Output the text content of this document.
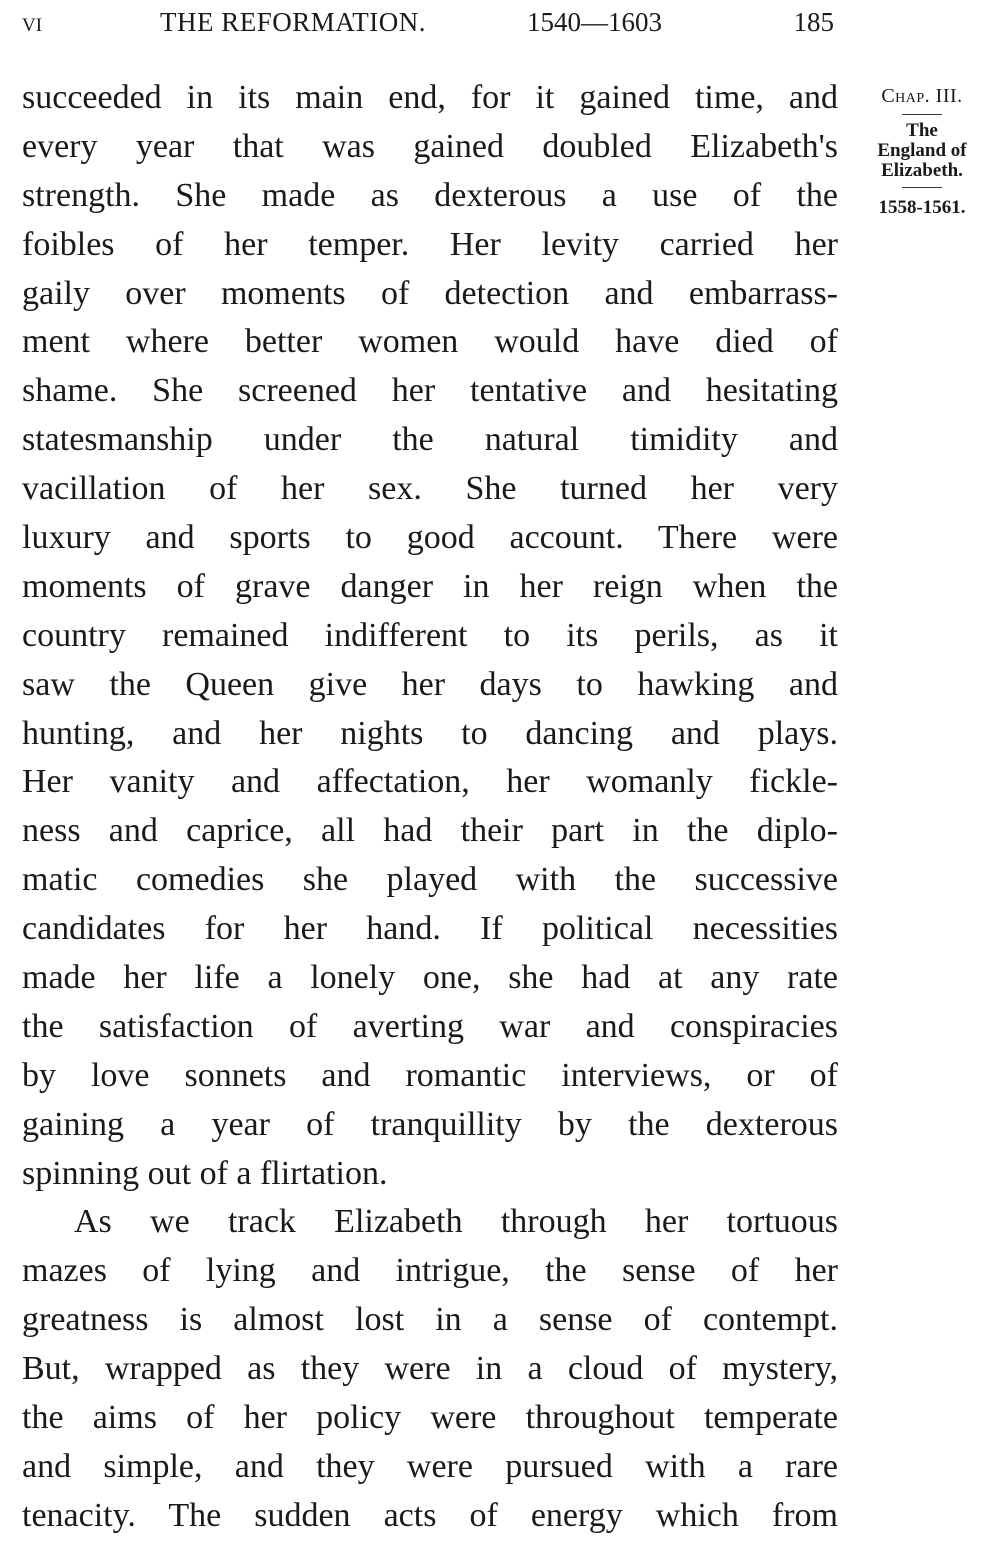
vi	THE REFORMATION.	1540—1603	185
succeeded in its main end, for it gained time, and
every year that was gained doubled Elizabeth's
strength. She made as dexterous a use of the
foibles of her temper. Her levity carried her
gaily over moments of detection and embarrass-
ment where better women would have died of
shame. She screened her tentative and hesitating
statesmanship under the natural timidity and
vacillation of her sex. She turned her very
luxury and sports to good account. There were
moments of grave danger in her reign when the
country remained indifferent to its perils, as it
saw the Queen give her days to hawking and
hunting, and her nights to dancing and plays.
Her vanity and affectation, her womanly fickle-
ness and caprice, all had their part in the diplo-
matic comedies she played with the successive
candidates for her hand. If political necessities
made her life a lonely one, she had at any rate
the satisfaction of averting war and conspiracies
by love sonnets and romantic interviews, or of
gaining a year of tranquillity by the dexterous
spinning out of a flirtation.
As we track Elizabeth through her tortuous
mazes of lying and intrigue, the sense of her
greatness is almost lost in a sense of contempt.
But, wrapped as they were in a cloud of mystery,
the aims of her policy were throughout temperate
and simple, and they were pursued with a rare
tenacity. The sudden acts of energy which from
Chap. III.
The
England of
Elizabeth.
1558-1561.
